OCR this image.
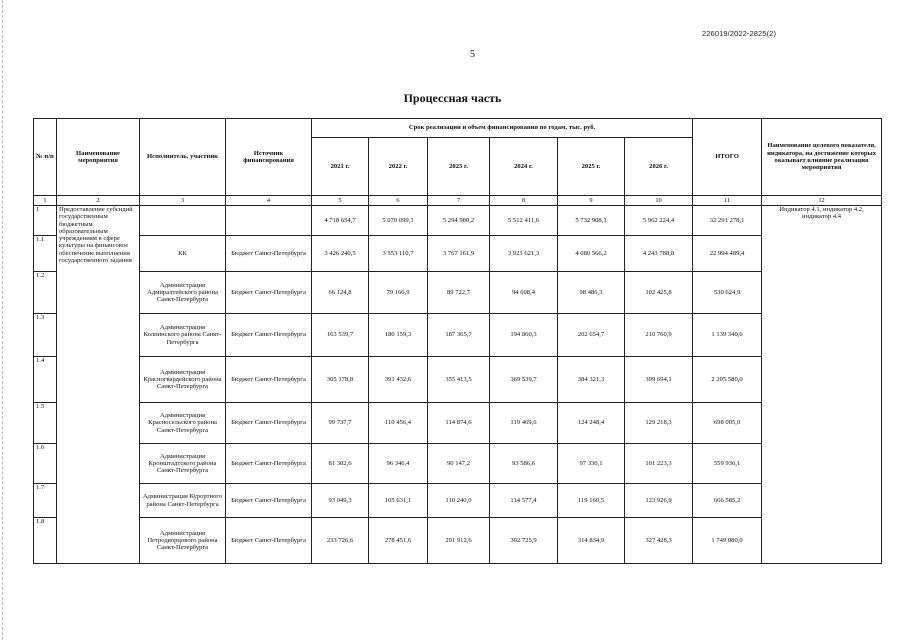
226019/2022-2825(2)
5
Процессная часть
№ п/п	Наименование мероприятия	Исполнитель, участник	Источник финансирования	Срок реализации и объем финансирования по годам, тыс. руб.						ИТОГО	Наименование целевого показателя, индикатора, на достижение которых оказывает влияние реализация мероприятия
				2021 г.	2022 г.	2023 г.	2024 г.	2025 г.	2026 г.		
1	2	3	4	5	6	7	8	9	10	11	12
1	Предоставление субсидий государственным бюджетным образовательным учреждениям в сфере культуры на финансовое обеспечение выполнения государственного задания			4 718 654,7	5 070 099,1	5 294 980,2	5 512 411,6	5 732 908,1	5 962 224,4	32 291 278,1	Индикатор 4.1, индикатор 4.2, индикатор 4.4
1.1		КК	Бюджет Санкт-Петербурга	3 426 240,5	3 553 110,7	3 767 161,9	3 923 621,3	4 080 566,2	4 243 788,8	22 994 489,4	
1.2		Администрация Адмиралтейского района Санкт-Петербурга	Бюджет Санкт-Петербурга	66 124,8	79 166,9	89 722,7	94 698,4	98 486,3	102 425,8	530 624,9	
1.3		Администрация Колпинского района Санкт-Петербурга	Бюджет Санкт-Петербурга	163 539,7	180 159,3	187 365,7	194 860,3	202 654,7	210 760,9	1 139 340,6	
1.4		Администрация Красногвардейского района Санкт-Петербурга	Бюджет Санкт-Петербурга	305 178,8	391 432,6	355 413,5	369 539,7	384 321,3	399 694,1	2 205 580,0	
1.5		Администрация Красносельского района Санкт-Петербурга	Бюджет Санкт-Петербурга	99 737,7	110 456,4	114 874,6	119 469,6	124 248,4	129 218,3	698 005,0	
1.6		Администрация Кронштадтского района Санкт-Петербурга	Бюджет Санкт-Петербурга	81 302,6	96 346,4	90 147,2	93 586,6	97 330,1	101 223,3	559 936,1	
1.7		Администрация Курортного района Санкт-Петербурга	Бюджет Санкт-Петербурга	93 049,3	105 631,1	110 240,0	114 577,4	119 160,5	123 926,9	666 585,2	
1.8		Администрация Петродворцового района Санкт-Петербурга	Бюджет Санкт-Петербурга	233 726,6	278 451,6	291 912,6	302 725,9	314 834,9	327 428,3	1 749 080,0	
